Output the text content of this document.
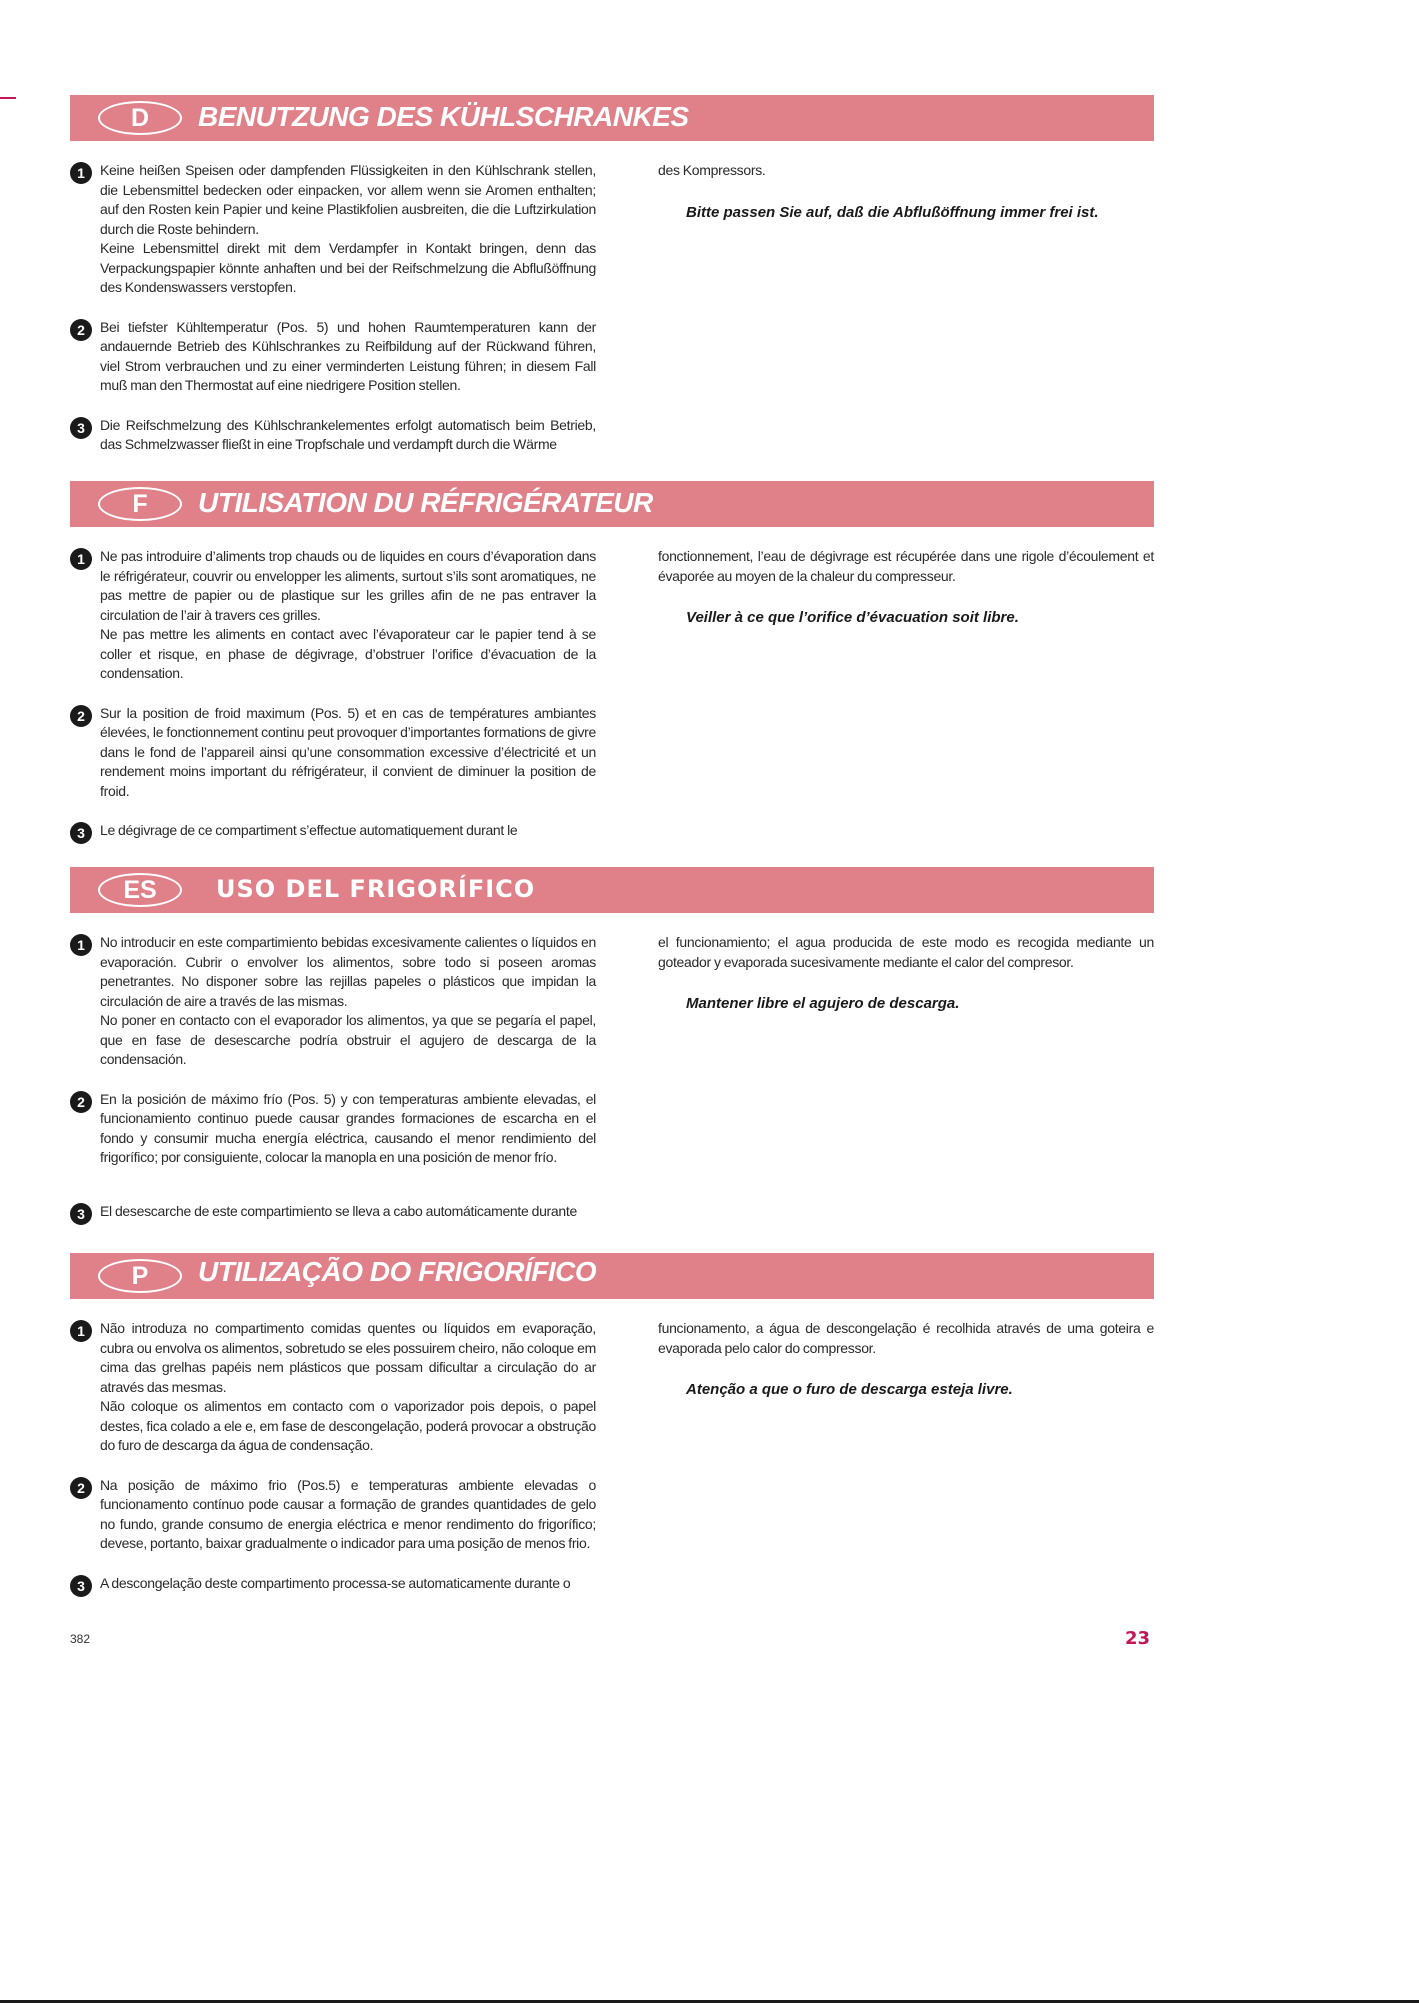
D	BENUTZUNG DES KÜHLSCHRANKES
1	Keine heißen Speisen oder dampfenden Flüssigkeiten in den Kühlschrank stellen, die Lebensmittel bedecken oder einpacken, vor allem wenn sie Aromen enthalten; auf den Rosten kein Papier und keine Plastikfolien ausbreiten, die die Luftzirkulation durch die Roste behindern.

Keine Lebensmittel direkt mit dem Verdampfer in Kontakt bringen, denn das Verpackungspapier könnte anhaften und bei der Reifschmelzung die Abflußöffnung des Kondenswassers verstopfen.

2	Bei tiefster Kühltemperatur (Pos. 5) und hohen Raumtemperaturen kann der andauernde Betrieb des Kühlschrankes zu Reifbildung auf der Rückwand führen, viel Strom verbrauchen und zu einer verminderten Leistung führen; in diesem Fall muß man den Thermostat auf eine niedrigere Position stellen.

3	Die Reifschmelzung des Kühlschrankelementes erfolgt automatisch beim Betrieb, das Schmelzwasser fließt in eine Tropfschale und verdampft durch die Wärme

des Kompressors.

Bitte passen Sie auf, daß die Abflußöffnung immer frei ist.

F	UTILISATION DU RÉFRIGÉRATEUR
1	Ne pas introduire d’aliments trop chauds ou de liquides en cours d’évaporation dans le réfrigérateur, couvrir ou envelopper les aliments, surtout s’ils sont aromatiques, ne pas mettre de papier ou de plastique sur les grilles afin de ne pas entraver la circulation de l’air à travers ces grilles.

Ne pas mettre les aliments en contact avec l’évaporateur car le papier tend à se coller et risque, en phase de dégivrage, d’obstruer l’orifice d’évacuation de la condensation.

2	Sur la position de froid maximum (Pos. 5) et en cas de températures ambiantes élevées, le fonctionnement continu peut provoquer d’importantes formations de givre dans le fond de l’appareil ainsi qu’une consommation excessive d’électricité et un rendement moins important du réfrigérateur, il convient de diminuer la position de froid.

3	Le dégivrage de ce compartiment s’effectue automatiquement durant le

fonctionnement, l’eau de dégivrage est récupérée dans une rigole d’écoulement et évaporée au moyen de la chaleur du compresseur.

Veiller à ce que l’orifice d’évacuation soit libre.

ES	USO DEL FRIGORÍFICO
1	No introducir en este compartimiento bebidas excesivamente calientes o líquidos en evaporación. Cubrir o envolver los alimentos, sobre todo si poseen aromas penetrantes. No disponer sobre las rejillas papeles o plásticos que impidan la circulación de aire a través de las mismas.

No poner en contacto con el evaporador los alimentos, ya que se pegaría el papel, que en fase de desescarche podría obstruir el agujero de descarga de la condensación.

2	En la posición de máximo frío (Pos. 5) y con temperaturas ambiente elevadas, el funcionamiento continuo puede causar grandes formaciones de escarcha en el fondo y consumir mucha energía eléctrica, causando el menor rendimiento del frigorífico; por consiguiente, colocar la manopla en una posición de menor frío.

3	El desescarche de este compartimiento se lleva a cabo automáticamente durante

el funcionamiento; el agua producida de este modo es recogida mediante un goteador y evaporada sucesivamente mediante el calor del compresor.

Mantener libre el agujero de descarga.

P	UTILIZAÇÃO DO FRIGORÍFICO
1	Não introduza no compartimento comidas quentes ou líquidos em evaporação, cubra ou envolva os alimentos, sobretudo se eles possuirem cheiro, não coloque em cima das grelhas papéis nem plásticos que possam dificultar a circulação do ar através das mesmas.

Não coloque os alimentos em contacto com o vaporizador pois depois, o papel destes, fica colado a ele e, em fase de descongelação, poderá provocar a obstrução do furo de descarga da água de condensação.

2	Na posição de máximo frio (Pos.5) e temperaturas ambiente elevadas o funcionamento contínuo pode causar a formação de grandes quantidades de gelo no fundo, grande consumo de energia eléctrica e menor rendimento do frigorífico; devese, portanto, baixar gradualmente o indicador para uma posição de menos frio.

3	A descongelação deste compartimento processa-se automaticamente durante o

funcionamento, a água de descongelação é recolhida através de uma goteira e evaporada pelo calor do compressor.

Atenção a que o furo de descarga esteja livre.

382	23
